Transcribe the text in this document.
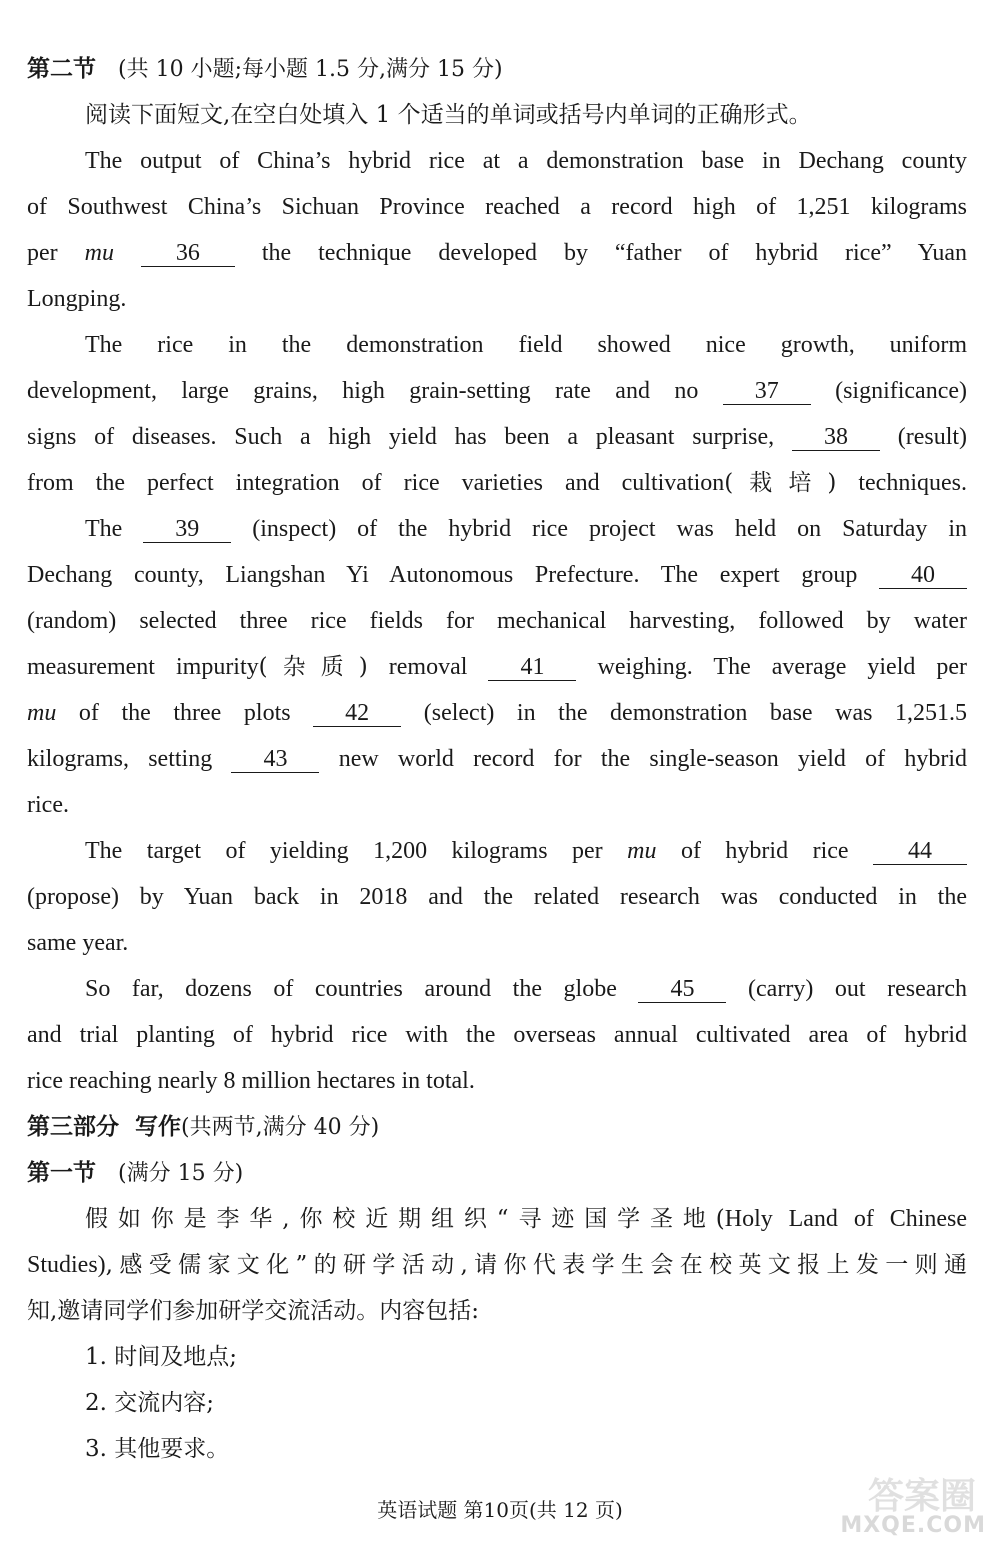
第二节 (共 10 小题;每小题 1.5 分,满分 15 分)
阅读下面短文,在空白处填入 1 个适当的单词或括号内单词的正确形式。
The output of China’s hybrid rice at a demonstration base in Dechang county
of Southwest China’s Sichuan Province reached a record high of 1,251 kilograms
per mu	36	the technique developed by “father of hybrid rice” Yuan
Longping.
The rice in the demonstration field showed nice growth, uniform
development, large grains, high grain-setting rate and no 37 (significance)
signs of diseases. Such a high yield has been a pleasant surprise, 38 (result)
from the perfect integration of rice varieties and cultivation(栽培) techniques.
The 39 (inspect) of the hybrid rice project was held on Saturday in
Dechang county, Liangshan Yi Autonomous Prefecture. The expert group 40
(random) selected three rice fields for mechanical harvesting, followed by water
measurement impurity(杂质) removal 41 weighing. The average yield per
mu of the three plots 42 (select) in the demonstration base was 1,251.5
kilograms, setting 43 new world record for the single-season yield of hybrid
rice.
The target of yielding 1,200 kilograms per mu of hybrid rice 44
(propose) by Yuan back in 2018 and the related research was conducted in the
same year.
So far, dozens of countries around the globe 45 (carry) out research
and trial planting of hybrid rice with the overseas annual cultivated area of hybrid
rice reaching nearly 8 million hectares in total.
第三部分  写作(共两节,满分 40 分)
第一节 (满分 15 分)
假如你是李华,你校近期组织“寻迹国学圣地(Holy Land of Chinese
Studies),感受儒家文化”的研学活动,请你代表学生会在校英文报上发一则通
知,邀请同学们参加研学交流活动。内容包括:
1. 时间及地点;
2. 交流内容;
3. 其他要求。
英语试题 第10页(共 12 页)	答案圈
MXQE.COM
